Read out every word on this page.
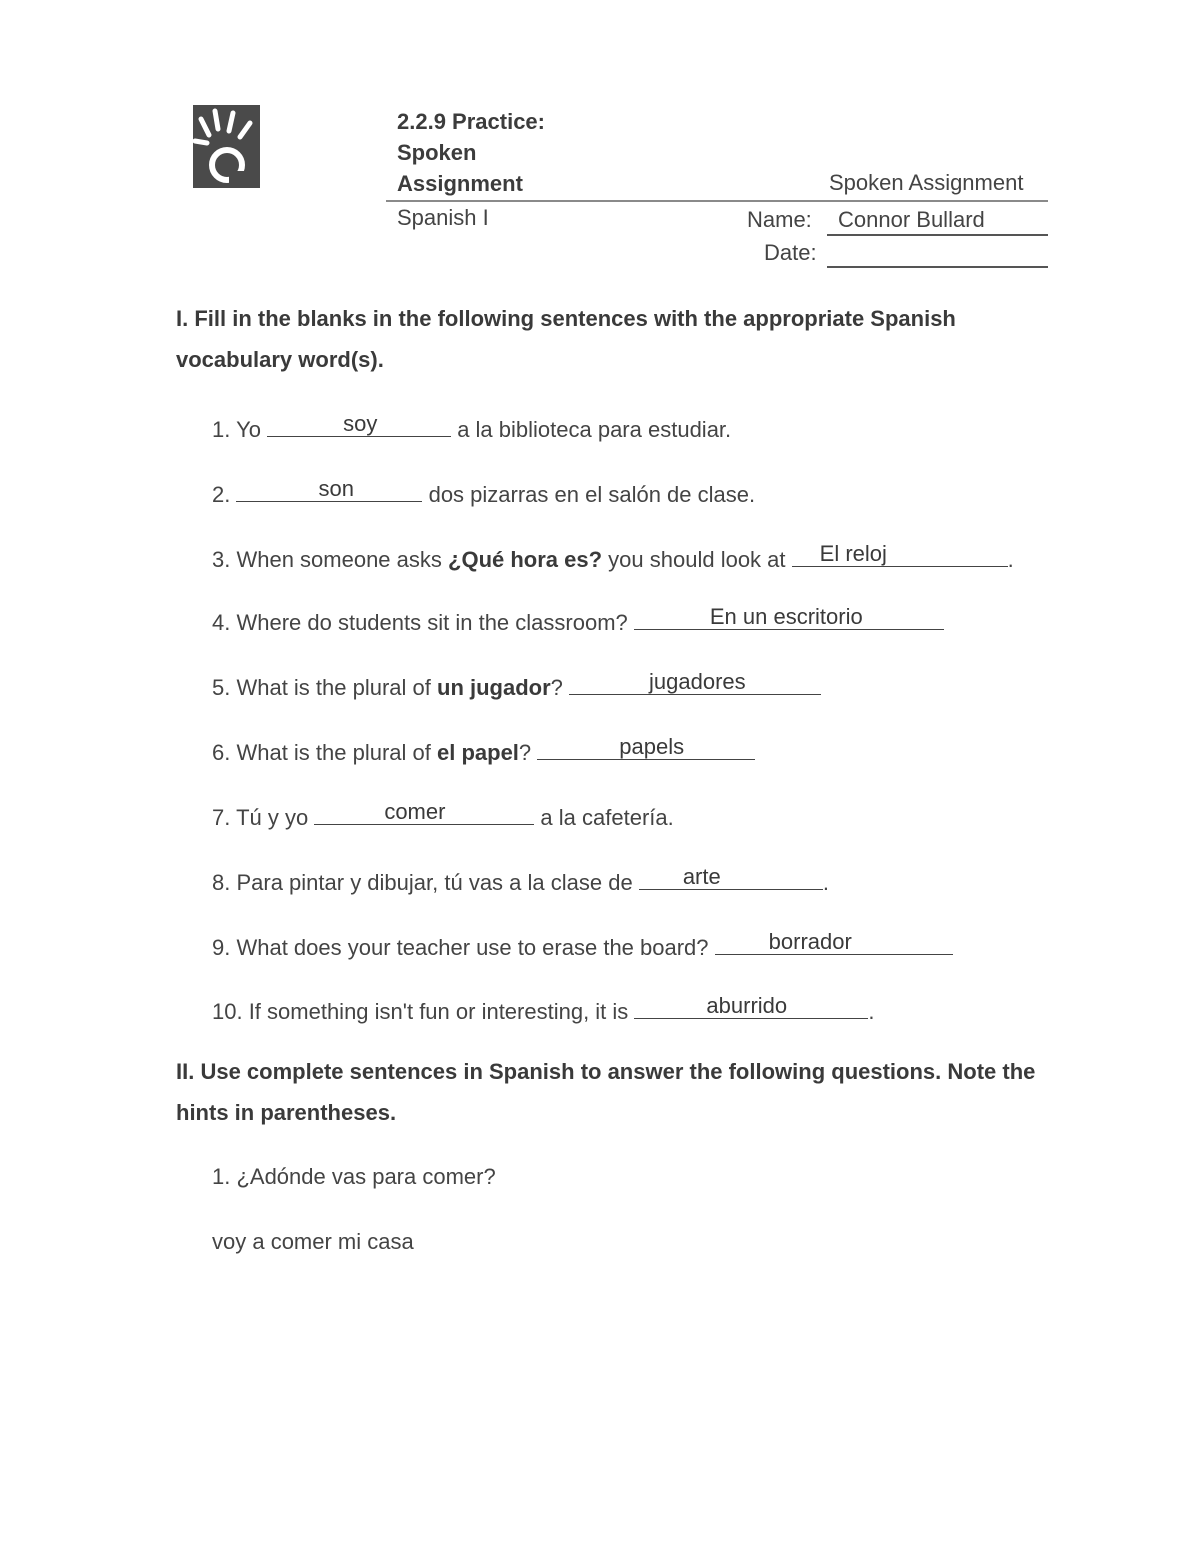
2.2.9 Practice:
Spoken
Assignment	Spoken Assignment
Spanish I	Name: Connor Bullard
Date:
I. Fill in the blanks in the following sentences with the appropriate Spanish
vocabulary word(s).
1. Yo	soy	a la biblioteca para estudiar.
2.	son	dos pizarras en el salón de clase.
3. When someone asks ¿Qué hora es? you should look at El reloj	.
4. Where do students sit in the classroom?	En un escritorio
5. What is the plural of un jugador?	jugadores
6. What is the plural of el papel?	papels
7. Tú y yo	comer	a la cafetería.
8. Para pintar y dibujar, tú vas a la clase de arte	.
9. What does your teacher use to erase the board? borrador
10. If something isn't fun or interesting, it is	aburrido	.
II. Use complete sentences in Spanish to answer the following questions. Note the
hints in parentheses.
1. ¿Adónde vas para comer?
voy a comer mi casa
